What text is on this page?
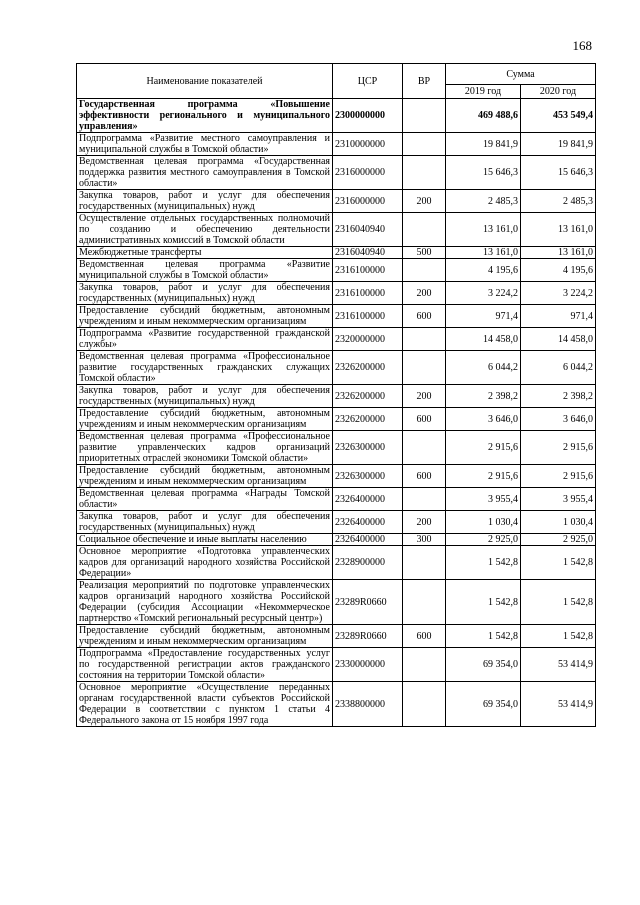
168
Наименование показателей	ЦСР	ВР	Сумма	
			2019 год	2020 год
Государственная программа «Повышение эффективности регионального и муниципального управления»	2300000000		469 488,6	453 549,4
Подпрограмма «Развитие местного самоуправления и муниципальной службы в Томской области»	2310000000		19 841,9	19 841,9
Ведомственная целевая программа «Государственная поддержка развития местного самоуправления в Томской области»	2316000000		15 646,3	15 646,3
Закупка товаров, работ и услуг для обеспечения государственных (муниципальных) нужд	2316000000	200	2 485,3	2 485,3
Осуществление отдельных государственных полномочий по созданию и обеспечению деятельности административных комиссий в Томской области	2316040940		13 161,0	13 161,0
Межбюджетные трансферты	2316040940	500	13 161,0	13 161,0
Ведомственная целевая программа «Развитие муниципальной службы в Томской области»	2316100000		4 195,6	4 195,6
Закупка товаров, работ и услуг для обеспечения государственных (муниципальных) нужд	2316100000	200	3 224,2	3 224,2
Предоставление субсидий бюджетным, автономным учреждениям и иным некоммерческим организациям	2316100000	600	971,4	971,4
Подпрограмма «Развитие государственной гражданской службы»	2320000000		14 458,0	14 458,0
Ведомственная целевая программа «Профессиональное развитие государственных гражданских служащих Томской области»	2326200000		6 044,2	6 044,2
Закупка товаров, работ и услуг для обеспечения государственных (муниципальных) нужд	2326200000	200	2 398,2	2 398,2
Предоставление субсидий бюджетным, автономным учреждениям и иным некоммерческим организациям	2326200000	600	3 646,0	3 646,0
Ведомственная целевая программа «Профессиональное развитие управленческих кадров организаций приоритетных отраслей экономики Томской области»	2326300000		2 915,6	2 915,6
Предоставление субсидий бюджетным, автономным учреждениям и иным некоммерческим организациям	2326300000	600	2 915,6	2 915,6
Ведомственная целевая программа «Награды Томской области»	2326400000		3 955,4	3 955,4
Закупка товаров, работ и услуг для обеспечения государственных (муниципальных) нужд	2326400000	200	1 030,4	1 030,4
Социальное обеспечение и иные выплаты населению	2326400000	300	2 925,0	2 925,0
Основное мероприятие «Подготовка управленческих кадров для организаций народного хозяйства Российской Федерации»	2328900000		1 542,8	1 542,8
Реализация мероприятий по подготовке управленческих кадров организаций народного хозяйства Российской Федерации (субсидия Ассоциации «Некоммерческое партнерство «Томский региональный ресурсный центр»)	23289R0660		1 542,8	1 542,8
Предоставление субсидий бюджетным, автономным учреждениям и иным некоммерческим организациям	23289R0660	600	1 542,8	1 542,8
Подпрограмма «Предоставление государственных услуг по государственной регистрации актов гражданского состояния на территории Томской области»	2330000000		69 354,0	53 414,9
Основное мероприятие «Осуществление переданных органам государственной власти субъектов Российской Федерации в соответствии с пунктом 1 статьи 4 Федерального закона от 15 ноября 1997 года	2338800000		69 354,0	53 414,9
